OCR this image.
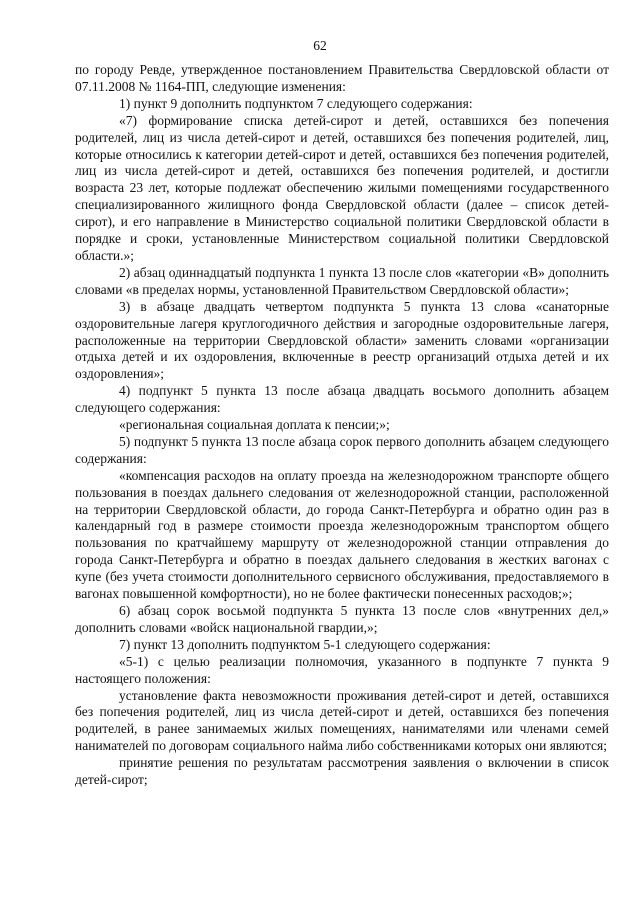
62

по городу Ревде, утвержденное постановлением Правительства Свердловской области от 07.11.2008 № 1164-ПП, следующие изменения:

1) пункт 9 дополнить подпунктом 7 следующего содержания:

«7) формирование списка детей-сирот и детей, оставшихся без попечения родителей, лиц из числа детей-сирот и детей, оставшихся без попечения родителей, лиц, которые относились к категории детей-сирот и детей, оставшихся без попечения родителей, лиц из числа детей-сирот и детей, оставшихся без попечения родителей, и достигли возраста 23 лет, которые подлежат обеспечению жилыми помещениями государственного специализированного жилищного фонда Свердловской области (далее – список детей-сирот), и его направление в Министерство социальной политики Свердловской области в порядке и сроки, установленные Министерством социальной политики Свердловской области.»;

2) абзац одиннадцатый подпункта 1 пункта 13 после слов «категории «В» дополнить словами «в пределах нормы, установленной Правительством Свердловской области»;

3) в абзаце двадцать четвертом подпункта 5 пункта 13 слова «санаторные оздоровительные лагеря круглогодичного действия и загородные оздоровительные лагеря, расположенные на территории Свердловской области» заменить словами «организации отдыха детей и их оздоровления, включенные в реестр организаций отдыха детей и их оздоровления»;

4) подпункт 5 пункта 13 после абзаца двадцать восьмого дополнить абзацем следующего содержания:

«региональная социальная доплата к пенсии;»;

5) подпункт 5 пункта 13 после абзаца сорок первого дополнить абзацем следующего содержания:

«компенсация расходов на оплату проезда на железнодорожном транспорте общего пользования в поездах дальнего следования от железнодорожной станции, расположенной на территории Свердловской области, до города Санкт-Петербурга и обратно один раз в календарный год в размере стоимости проезда железнодорожным транспортом общего пользования по кратчайшему маршруту от железнодорожной станции отправления до города Санкт-Петербурга и обратно в поездах дальнего следования в жестких вагонах с купе (без учета стоимости дополнительного сервисного обслуживания, предоставляемого в вагонах повышенной комфортности), но не более фактически понесенных расходов;»;

6) абзац сорок восьмой подпункта 5 пункта 13 после слов «внутренних дел,» дополнить словами «войск национальной гвардии,»;

7) пункт 13 дополнить подпунктом 5-1 следующего содержания:

«5-1) с целью реализации полномочия, указанного в подпункте 7 пункта 9 настоящего положения:

установление факта невозможности проживания детей-сирот и детей, оставшихся без попечения родителей, лиц из числа детей-сирот и детей, оставшихся без попечения родителей, в ранее занимаемых жилых помещениях, нанимателями или членами семей нанимателей по договорам социального найма либо собственниками которых они являются;

принятие решения по результатам рассмотрения заявления о включении в список детей-сирот;
